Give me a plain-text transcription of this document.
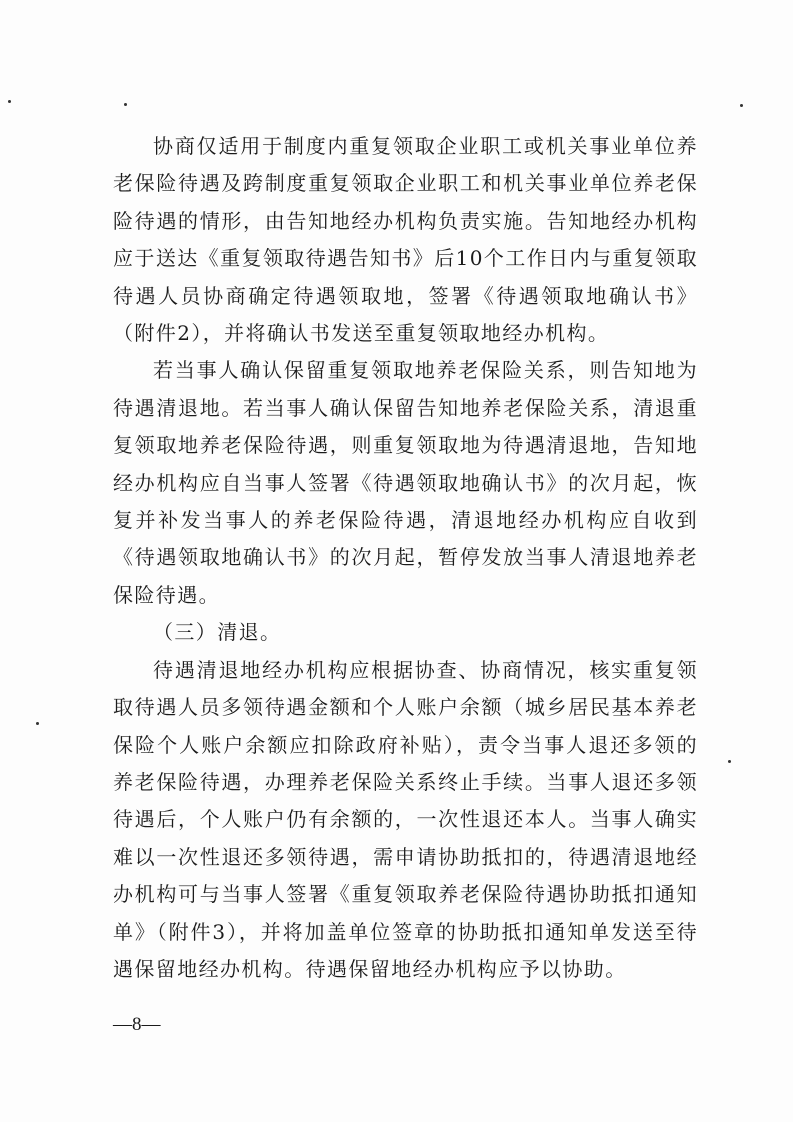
协商仅适用于制度内重复领取企业职工或机关事业单位养老保险待遇及跨制度重复领取企业职工和机关事业单位养老保险待遇的情形，由告知地经办机构负责实施。告知地经办机构应于送达《重复领取待遇告知书》后10个工作日内与重复领取待遇人员协商确定待遇领取地，签署《待遇领取地确认书》（附件2），并将确认书发送至重复领取地经办机构。

若当事人确认保留重复领取地养老保险关系，则告知地为待遇清退地。若当事人确认保留告知地养老保险关系，清退重复领取地养老保险待遇，则重复领取地为待遇清退地，告知地经办机构应自当事人签署《待遇领取地确认书》的次月起，恢复并补发当事人的养老保险待遇，清退地经办机构应自收到《待遇领取地确认书》的次月起，暂停发放当事人清退地养老保险待遇。

（三）清退。

待遇清退地经办机构应根据协查、协商情况，核实重复领取待遇人员多领待遇金额和个人账户余额（城乡居民基本养老保险个人账户余额应扣除政府补贴），责令当事人退还多领的养老保险待遇，办理养老保险关系终止手续。当事人退还多领待遇后，个人账户仍有余额的，一次性退还本人。当事人确实难以一次性退还多领待遇，需申请协助抵扣的，待遇清退地经办机构可与当事人签署《重复领取养老保险待遇协助抵扣通知单》（附件3），并将加盖单位签章的协助抵扣通知单发送至待遇保留地经办机构。待遇保留地经办机构应予以协助。

—8—
